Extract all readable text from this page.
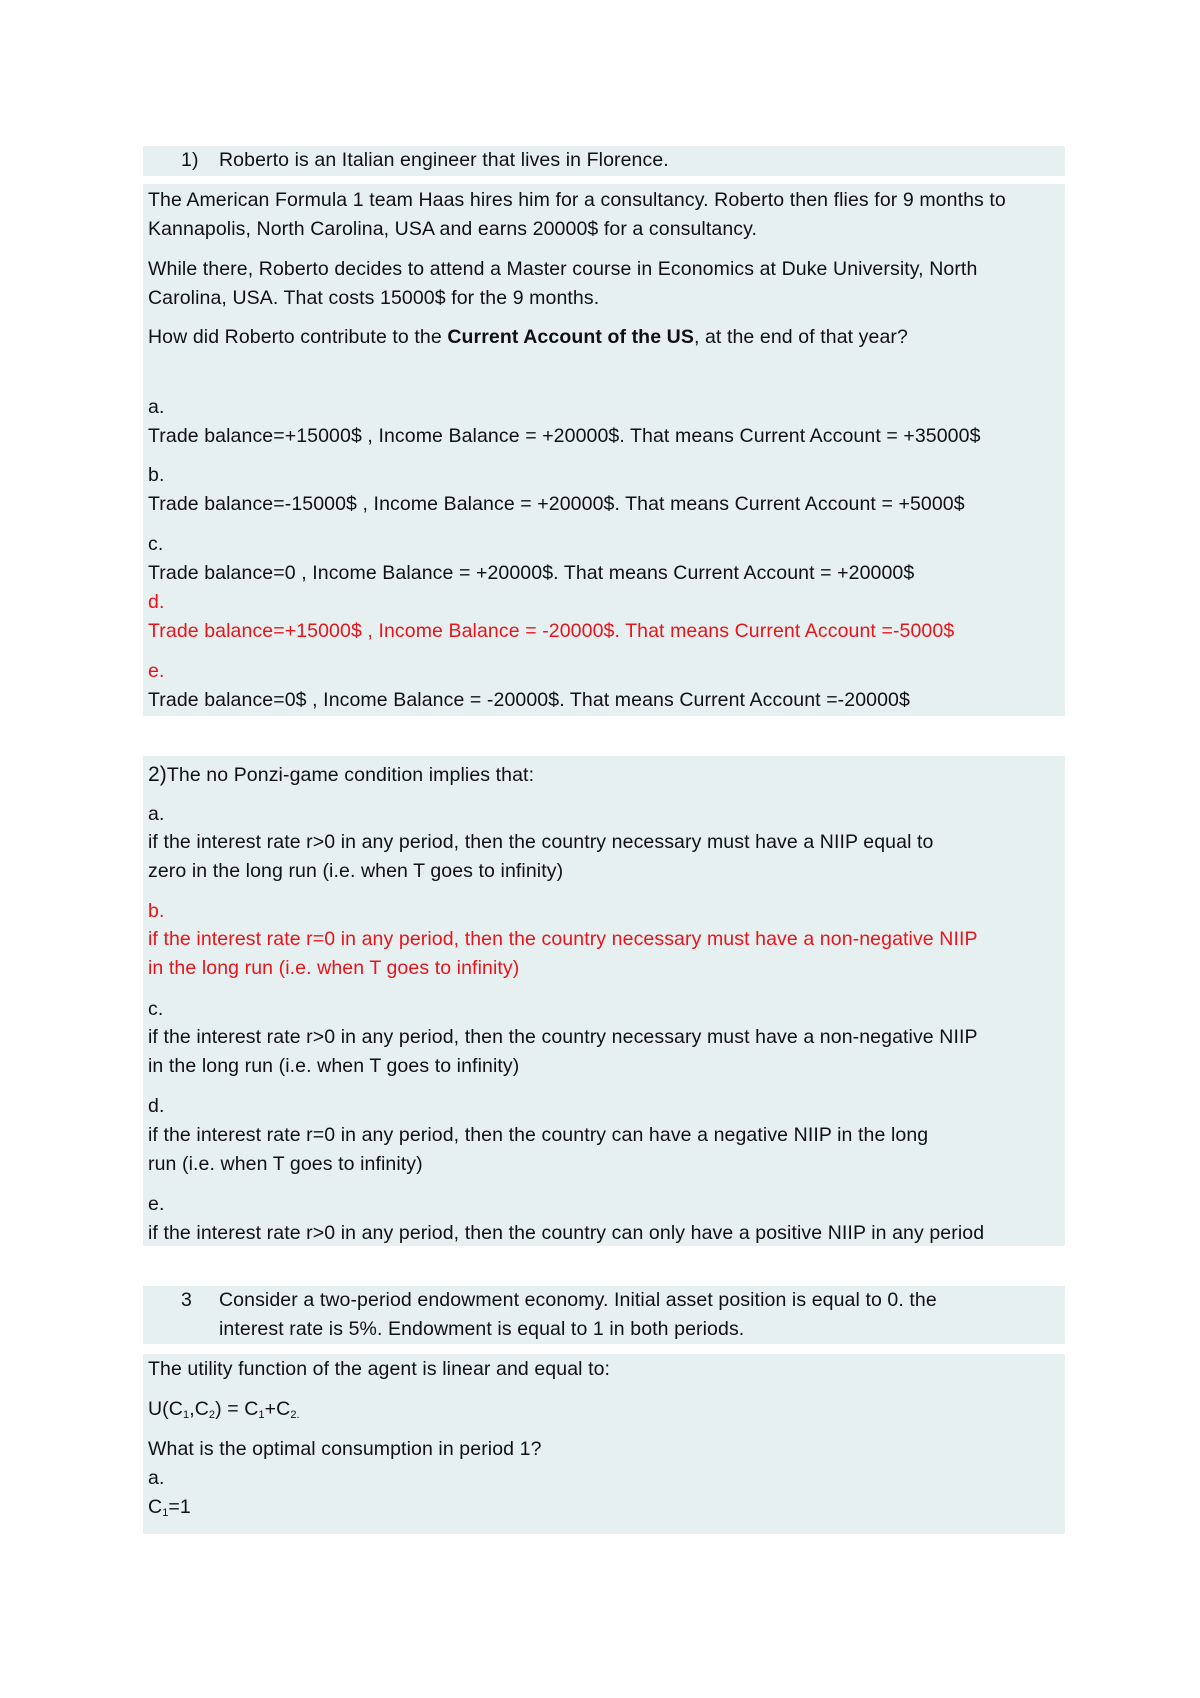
1) Roberto is an Italian engineer that lives in Florence.

The American Formula 1 team Haas hires him for a consultancy. Roberto then flies for 9 months to Kannapolis, North Carolina, USA and earns 20000$ for a consultancy.

While there, Roberto decides to attend a Master course in Economics at Duke University, North Carolina, USA. That costs 15000$ for the 9 months.

How did Roberto contribute to the Current Account of the US, at the end of that year?

a.

Trade balance=+15000$ , Income Balance = +20000$. That means Current Account = +35000$

b.

Trade balance=-15000$ , Income Balance = +20000$. That means Current Account = +5000$

c.

Trade balance=0 , Income Balance = +20000$. That means Current Account = +20000$

d.

Trade balance=+15000$ , Income Balance = -20000$. That means Current Account =-5000$

e.

Trade balance=0$ , Income Balance = -20000$. That means Current Account =-20000$

2)The no Ponzi-game condition implies that:

a.

if the interest rate r>0 in any period, then the country necessary must have a NIIP equal to

zero in the long run (i.e. when T goes to infinity)

b.

if the interest rate r=0 in any period, then the country necessary must have a non-negative NIIP

in the long run (i.e. when T goes to infinity)

c.

if the interest rate r>0 in any period, then the country necessary must have a non-negative NIIP

in the long run (i.e. when T goes to infinity)

d.

if the interest rate r=0 in any period, then the country can have a negative NIIP in the long

run (i.e. when T goes to infinity)

e.

if the interest rate r>0 in any period, then the country can only have a positive NIIP in any period

3 Consider a two-period endowment economy. Initial asset position is equal to 0. the
interest rate is 5%. Endowment is equal to 1 in both periods.

The utility function of the agent is linear and equal to:

$U(C_1,C_2) = C_1+C_{2.}$

What is the optimal consumption in period 1?

a.

$C_1=1$
